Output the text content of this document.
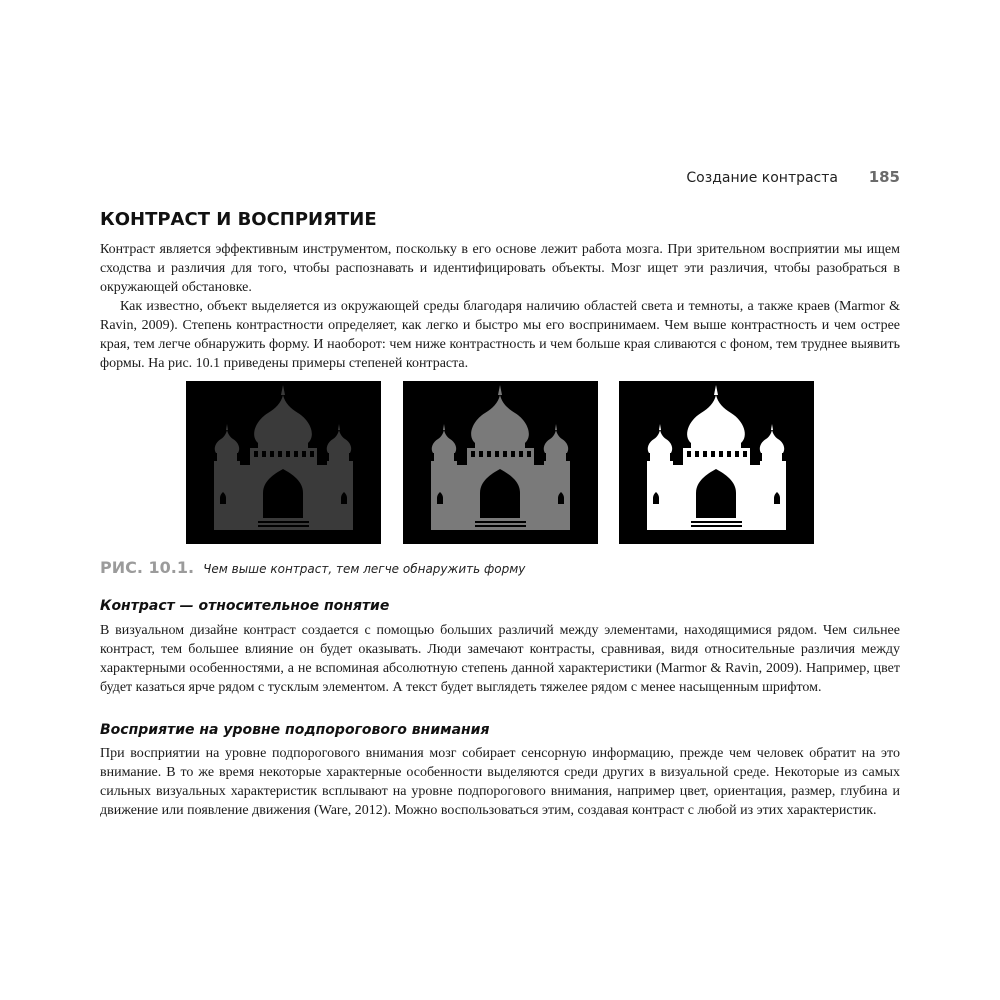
Создание контраста 185
КОНТРАСТ И ВОСПРИЯТИЕ

Контраст является эффективным инструментом, поскольку в его основе лежит работа мозга. При зрительном восприятии мы ищем сходства и различия для того, чтобы распознавать и идентифицировать объекты. Мозг ищет эти различия, чтобы разобраться в окружающей обстановке.

Как известно, объект выделяется из окружающей среды благодаря наличию областей света и темноты, а также краев (Marmor & Ravin, 2009). Степень контрастности определяет, как легко и быстро мы его воспринимаем. Чем выше контрастность и чем острее края, тем легче обнаружить форму. И наоборот: чем ниже контрастность и чем больше края сливаются с фоном, тем труднее выявить формы. На рис. 10.1 приведены примеры степеней контраста.

РИС. 10.1. Чем выше контраст, тем легче обнаружить форму
Контраст — относительное понятие

В визуальном дизайне контраст создается с помощью больших различий между элементами, находящимися рядом. Чем сильнее контраст, тем большее влияние он будет оказывать. Люди замечают контрасты, сравнивая, видя относительные различия между характерными особенностями, а не вспоминая абсолютную степень данной характеристики (Marmor & Ravin, 2009). Например, цвет будет казаться ярче рядом с тусклым элементом. А текст будет выглядеть тяжелее рядом с менее насыщенным шрифтом.

Восприятие на уровне подпорогового внимания

При восприятии на уровне подпорогового внимания мозг собирает сенсорную информацию, прежде чем человек обратит на это внимание. В то же время некоторые характерные особенности выделяются среди других в визуальной среде. Некоторые из самых сильных визуальных характеристик всплывают на уровне подпорогового внимания, например цвет, ориентация, размер, глубина и движение или появление движения (Ware, 2012). Можно воспользоваться этим, создавая контраст с любой из этих характеристик.
